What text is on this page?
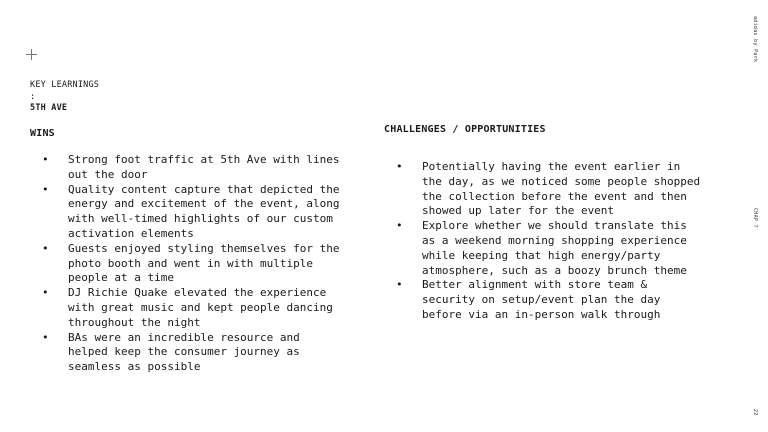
KEY LEARNINGS
:
5TH AVE
WINS
•	Strong foot traffic at 5th Ave with lines out the door
•	Quality content capture that depicted the energy and excitement of the event, along with well-timed highlights of our custom activation elements
•	Guests enjoyed styling themselves for the photo booth and went in with multiple people at a time
•	DJ Richie Quake elevated the experience with great music and kept people dancing throughout the night
•	BAs were an incredible resource and helped keep the consumer journey as seamless as possible
CHALLENGES / OPPORTUNITIES
•	Potentially having the event earlier in the day, as we noticed some people shopped the collection before the event and then showed up later for the event
•	Explore whether we should translate this as a weekend morning shopping experience while keeping that high energy/party atmosphere, such as a boozy brunch theme
•	Better alignment with store team & security on setup/event plan the day before via an in-person walk through
adidas by Park
CHAP 7
22
